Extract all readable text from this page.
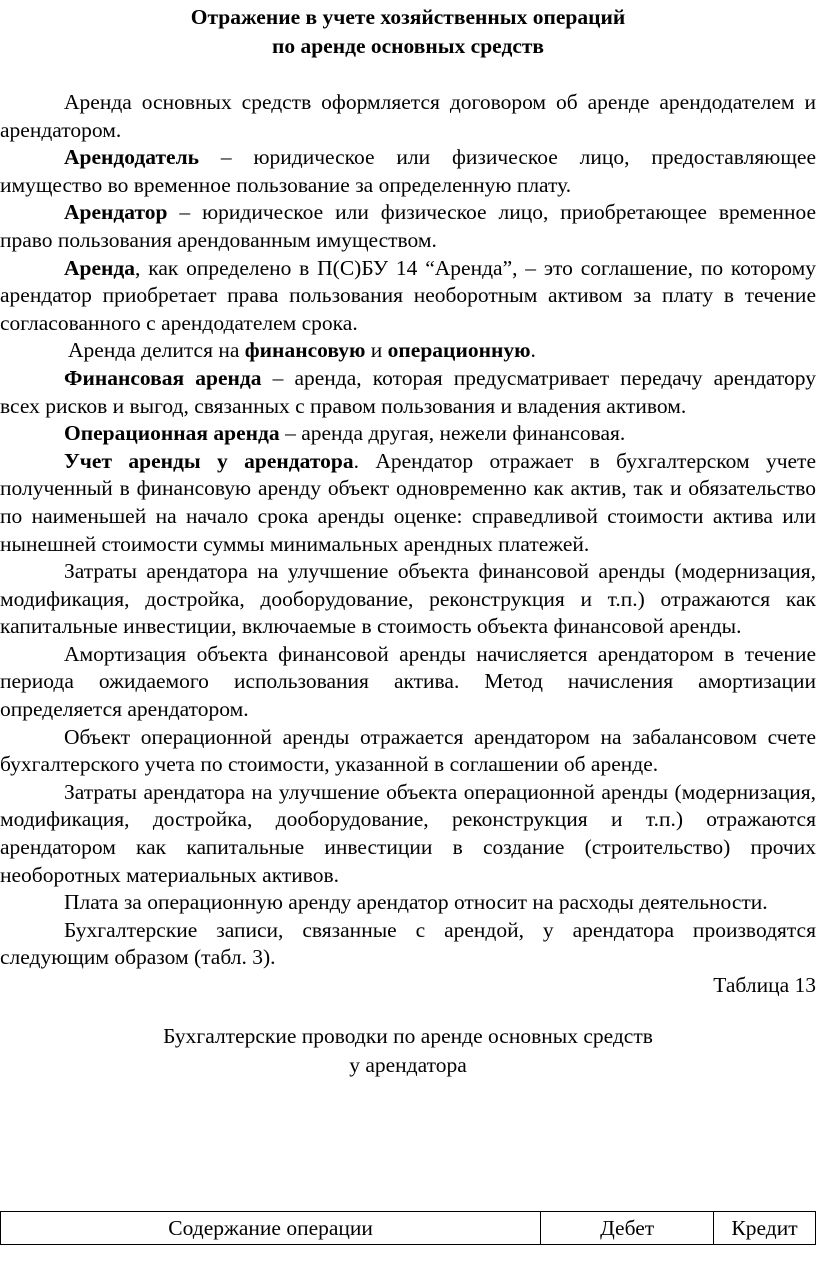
Отражение в учете хозяйственных операций
по аренде основных средств

Аренда основных средств оформляется договором об аренде арендодателем и арендатором.

Арендодатель – юридическое или физическое лицо, предоставляющее имущество во временное пользование за определенную плату.

Арендатор – юридическое или физическое лицо, приобретающее временное право пользования арендованным имуществом.

Аренда, как определено в П(С)БУ 14 “Аренда”, – это соглашение, по которому арендатор приобретает права пользования необоротным активом за плату в течение согласованного с арендодателем срока.

Аренда делится на финансовую и операционную.

Финансовая аренда – аренда, которая предусматривает передачу арендатору всех рисков и выгод, связанных с правом пользования и владения активом.

Операционная аренда – аренда другая, нежели финансовая.

Учет аренды у арендатора. Арендатор отражает в бухгалтерском учете полученный в финансовую аренду объект одновременно как актив, так и обязательство по наименьшей на начало срока аренды оценке: справедливой стоимости актива или нынешней стоимости суммы минимальных арендных платежей.

Затраты арендатора на улучшение объекта финансовой аренды (модернизация, модификация, достройка, дооборудование, реконструкция и т.п.) отражаются как капитальные инвестиции, включаемые в стоимость объекта финансовой аренды.

Амортизация объекта финансовой аренды начисляется арендатором в течение периода ожидаемого использования актива. Метод начисления амортизации определяется арендатором.

Объект операционной аренды отражается арендатором на забалансовом счете бухгалтерского учета по стоимости, указанной в соглашении об аренде.

Затраты арендатора на улучшение объекта операционной аренды (модернизация, модификация, достройка, дооборудование, реконструкция и т.п.) отражаются арендатором как капитальные инвестиции в создание (строительство) прочих необоротных материальных активов.

Плата за операционную аренду арендатор относит на расходы деятельности.

Бухгалтерские записи, связанные с арендой, у арендатора производятся следующим образом (табл. 3).

Таблица 13
Бухгалтерские проводки по аренде основных средств
у арендатора
Содержание операции	Дебет	Кредит
